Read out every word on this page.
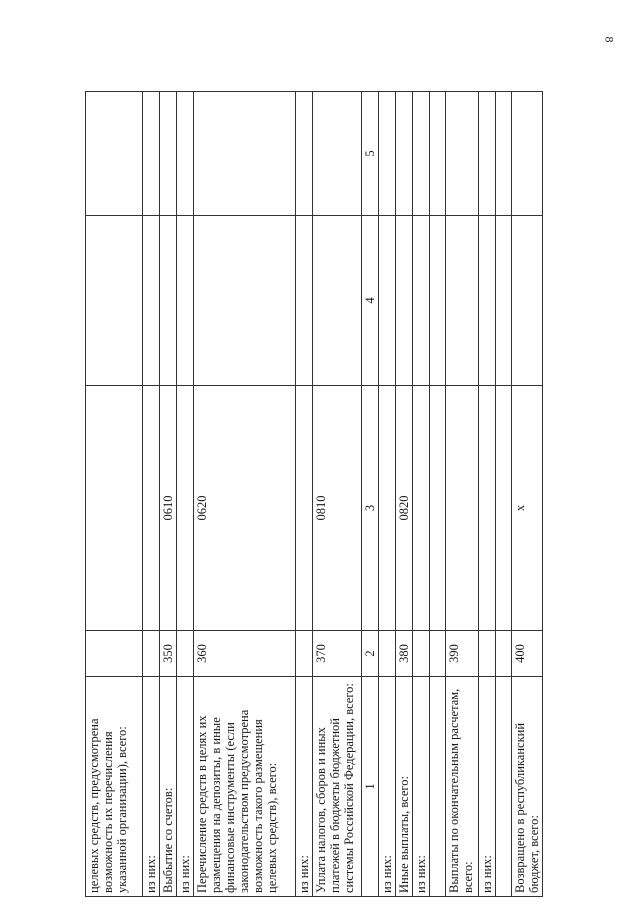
8
целевых средств, предусмотрена возможность их перечисления указанной организации), всего:				
из них:				
Выбытие со счетов:	350	0610		
из них:				
Перечисление средств в целях их размещения на депозиты, в иные финансовые инструменты (если законодательством предусмотрена возможность такого размещения целевых средств), всего:	360	0620		
из них:				
Уплата налогов, сборов и иных платежей в бюджеты бюджетной системы Российской Федерации, всего:	370	0810		
1	2	3	4	5
из них:				
Иные выплаты, всего:	380	0820		
из них:				

Выплаты по окончательным расчетам, всего:	390			
из них:				

Возвращено в республиканский бюджет, всего:	400	x		
